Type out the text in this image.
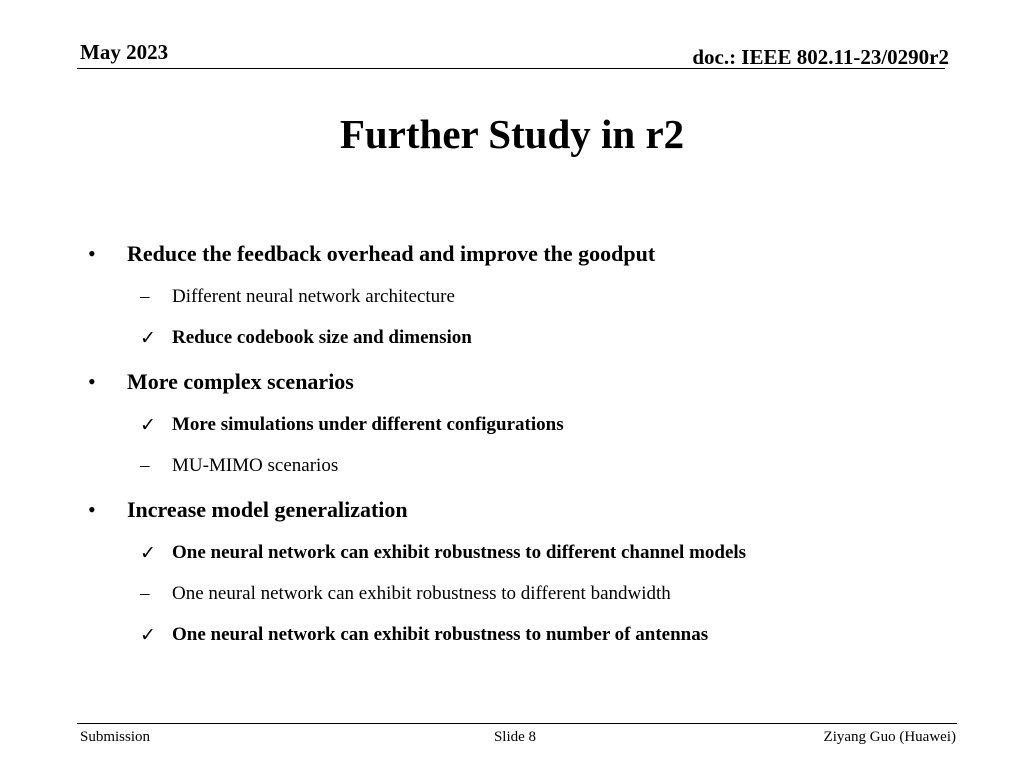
May 2023	doc.: IEEE 802.11-23/0290r2
Further Study in r2
• Reduce the feedback overhead and improve the goodput
– Different neural network architecture
✓ Reduce codebook size and dimension
• More complex scenarios
✓ More simulations under different configurations
– MU-MIMO scenarios
• Increase model generalization
✓ One neural network can exhibit robustness to different channel models
– One neural network can exhibit robustness to different bandwidth
✓ One neural network can exhibit robustness to number of antennas
Submission	Slide 8	Ziyang Guo (Huawei)
